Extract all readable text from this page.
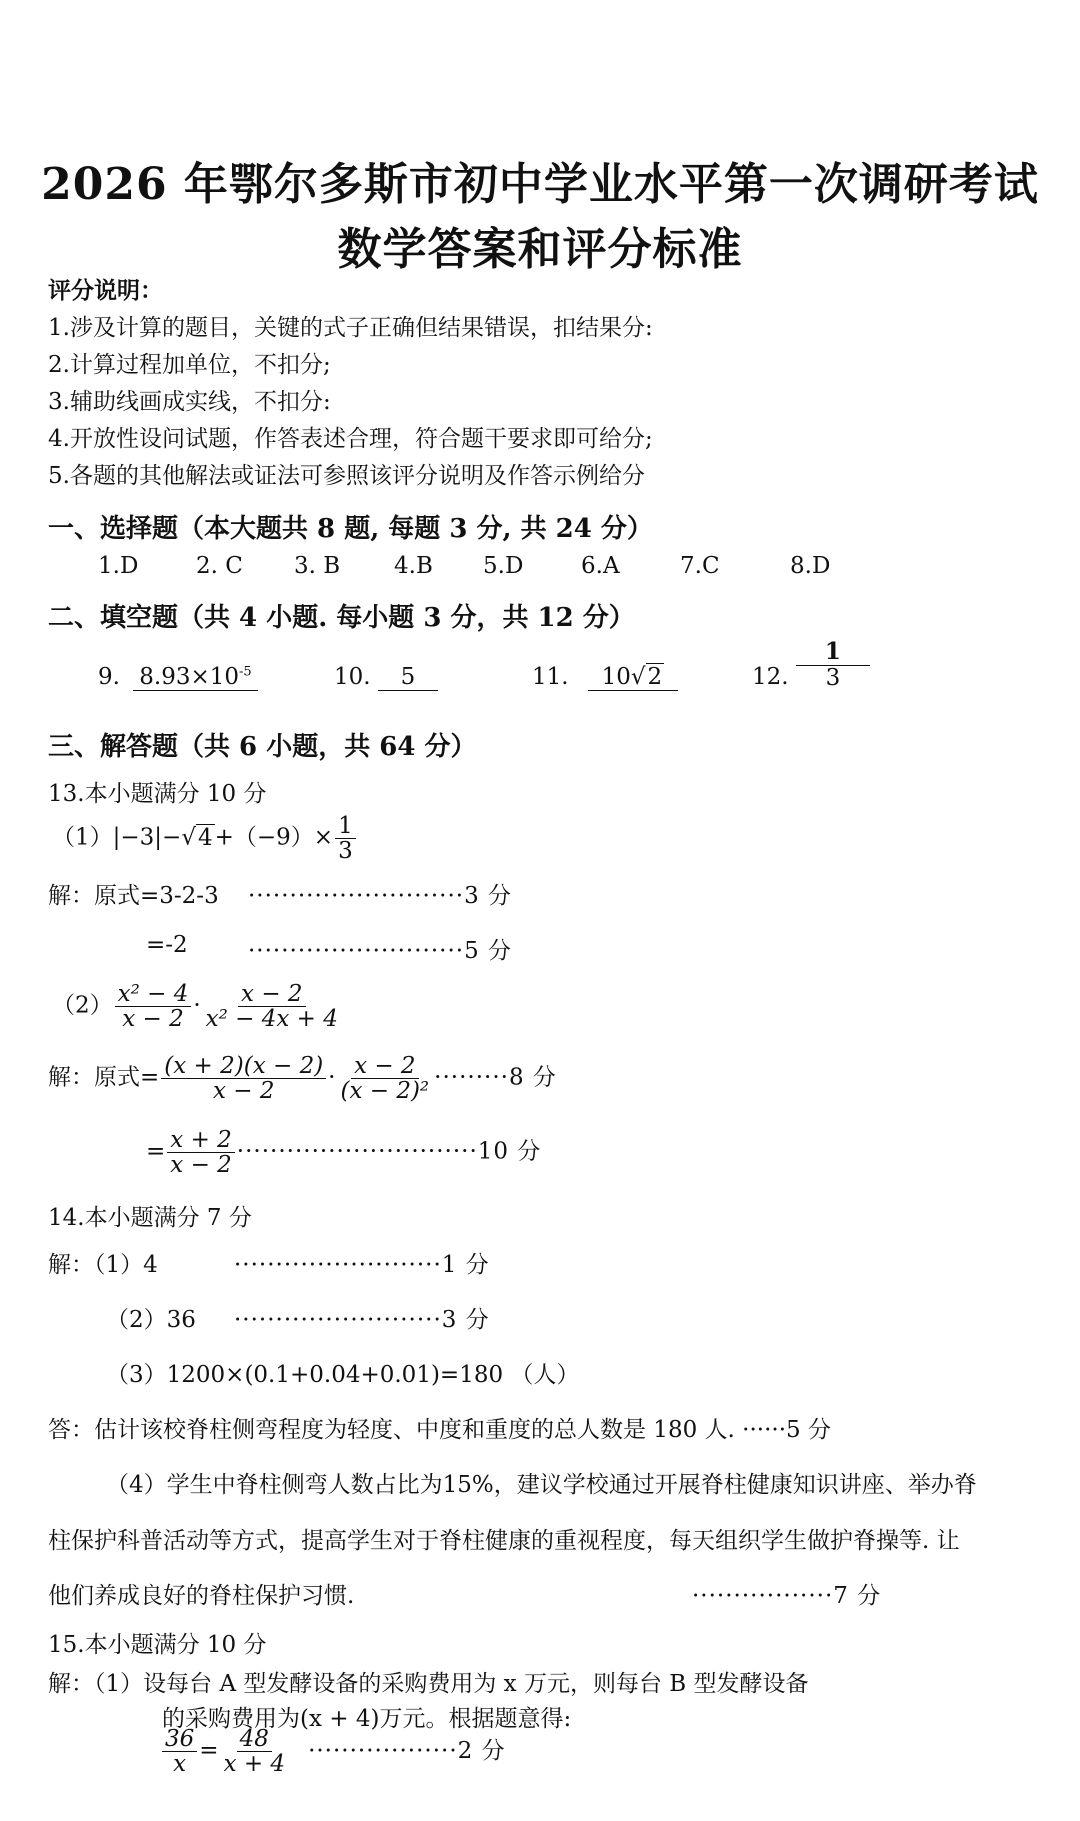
2026 年鄂尔多斯市初中学业水平第一次调研考试
数学答案和评分标准
评分说明：
1.涉及计算的题目，关键的式子正确但结果错误，扣结果分:
2.计算过程加单位，不扣分;
3.辅助线画成实线，不扣分:
4.开放性设问试题，作答表述合理，符合题干要求即可给分;
5.各题的其他解法或证法可参照该评分说明及作答示例给分
一、选择题（本大题共 8 题, 每题 3 分, 共 24 分）
1.D	2. C 3. B 4.B 5.D	6.A	7.C	8.D
二、填空题（共 4 小题. 每小题 3 分，共 12 分）
9. $8.93\times 10^{-5}$	10. 5	11. 10√2	12. $\frac{1}{3}$
三、解答题（共 6 小题，共 64 分）
13.本小题满分 10 分
$(1)|-3|-√4+(-9)\times \frac{1}{3}$
解：原式=3-2-3 ··························3 分
=-2	··························5 分
$(2) \frac{\text{x² − 4}}{x - 2} \cdot \frac{x - 2}{\text{x² − 4x + 4}}$
解：原式= $\frac{(x + 2)(x - 2)}{x - 2} \cdot \frac{x - 2}{\text{(x − 2)²}} \cdot\cdot\cdot\cdot\cdot\cdot\cdot\cdot\cdot 8$ 分
= $\frac{x + 2}{x - 2} \cdot\cdot\cdot\cdot\cdot\cdot\cdot\cdot\cdot\cdot\cdot\cdot\cdot\cdot\cdot\cdot\cdot\cdot\cdot\cdot\cdot\cdot\cdot\cdot\cdot\cdot\cdot\cdot\cdot 10$ 分
14.本小题满分 7 分
解：（1）4	·························1 分
（2）36 ·························3 分
（3）1200×(0.1+0.04+0.01)=180 （人）
答：估计该校脊柱侧弯程度为轻度、中度和重度的总人数是 180 人. ······5 分
（4）学生中脊柱侧弯人数占比为15%，建议学校通过开展脊柱健康知识讲座、举办脊
柱保护科普活动等方式，提高学生对于脊柱健康的重视程度，每天组织学生做护脊操等. 让
他们养成良好的脊柱保护习惯.	·················7 分
15.本小题满分 10 分
解：（1）设每台 A 型发酵设备的采购费用为 x 万元，则每台 B 型发酵设备
的采购费用为(x + 4)万元。根据题意得:
$\frac{36}{x} = \frac{48}{x + 4} \cdot\cdot\cdot\cdot\cdot\cdot\cdot\cdot\cdot\cdot\cdot\cdot\cdot\cdot\cdot\cdot\cdot\cdot 2$ 分
